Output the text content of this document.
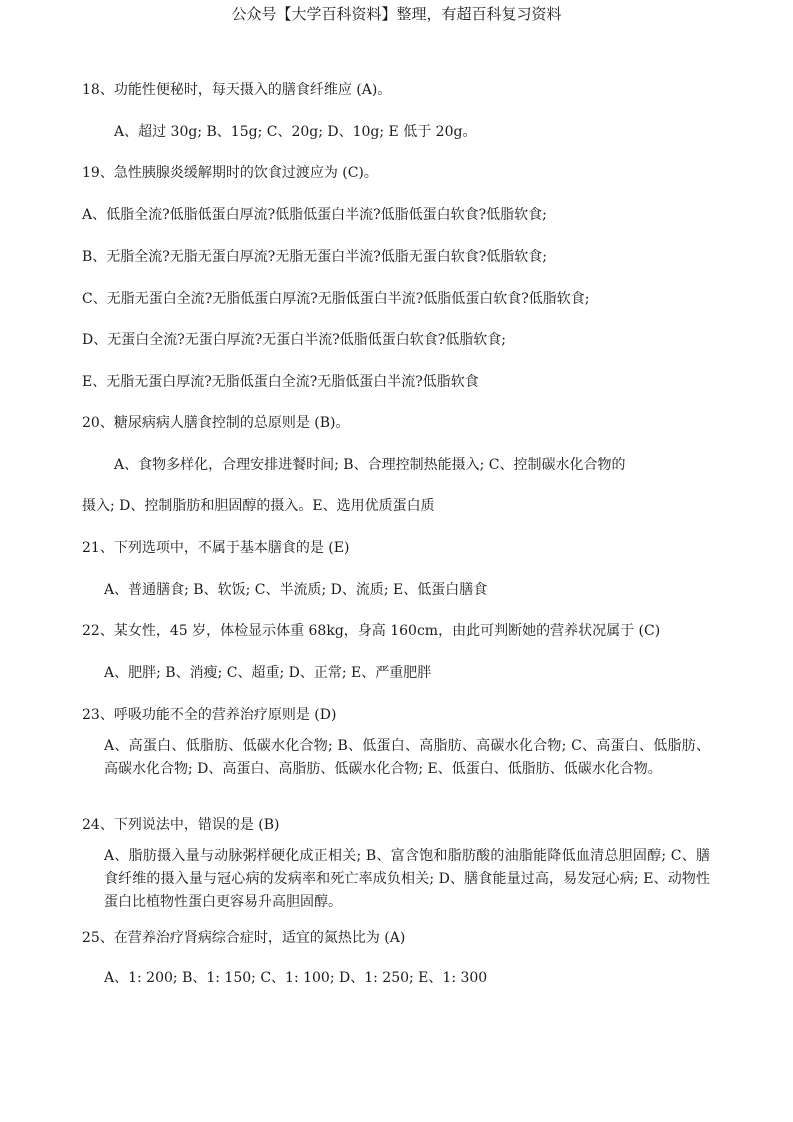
公众号【大学百科资料】整理，有超百科复习资料
18、功能性便秘时，每天摄入的膳食纤维应 (A)。
A、超过 30g; B、15g; C、20g; D、10g; E 低于 20g。
19、急性胰腺炎缓解期时的饮食过渡应为 (C)。
A、低脂全流?低脂低蛋白厚流?低脂低蛋白半流?低脂低蛋白软食?低脂软食;
B、无脂全流?无脂无蛋白厚流?无脂无蛋白半流?低脂无蛋白软食?低脂软食;
C、无脂无蛋白全流?无脂低蛋白厚流?无脂低蛋白半流?低脂低蛋白软食?低脂软食;
D、无蛋白全流?无蛋白厚流?无蛋白半流?低脂低蛋白软食?低脂软食;
E、无脂无蛋白厚流?无脂低蛋白全流?无脂低蛋白半流?低脂软食
20、糖尿病病人膳食控制的总原则是 (B)。
A、食物多样化，合理安排进餐时间; B、合理控制热能摄入; C、控制碳水化合物的
摄入; D、控制脂肪和胆固醇的摄入。E、选用优质蛋白质
21、下列选项中，不属于基本膳食的是 (E)
A、普通膳食; B、软饭; C、半流质; D、流质; E、低蛋白膳食
22、某女性，45 岁，体检显示体重 68kg，身高 160cm，由此可判断她的营养状况属于 (C)
A、肥胖; B、消瘦; C、超重; D、正常; E、严重肥胖
23、呼吸功能不全的营养治疗原则是 (D)
A、高蛋白、低脂肪、低碳水化合物; B、低蛋白、高脂肪、高碳水化合物; C、高蛋白、低脂肪、高碳水化合物; D、高蛋白、高脂肪、低碳水化合物; E、低蛋白、低脂肪、低碳水化合物。
24、下列说法中，错误的是 (B)
A、脂肪摄入量与动脉粥样硬化成正相关; B、富含饱和脂肪酸的油脂能降低血清总胆固醇; C、膳食纤维的摄入量与冠心病的发病率和死亡率成负相关; D、膳食能量过高，易发冠心病; E、动物性蛋白比植物性蛋白更容易升高胆固醇。
25、在营养治疗肾病综合症时，适宜的氮热比为 (A)
A、1: 200; B、1: 150; C、1: 100; D、1: 250; E、1: 300
